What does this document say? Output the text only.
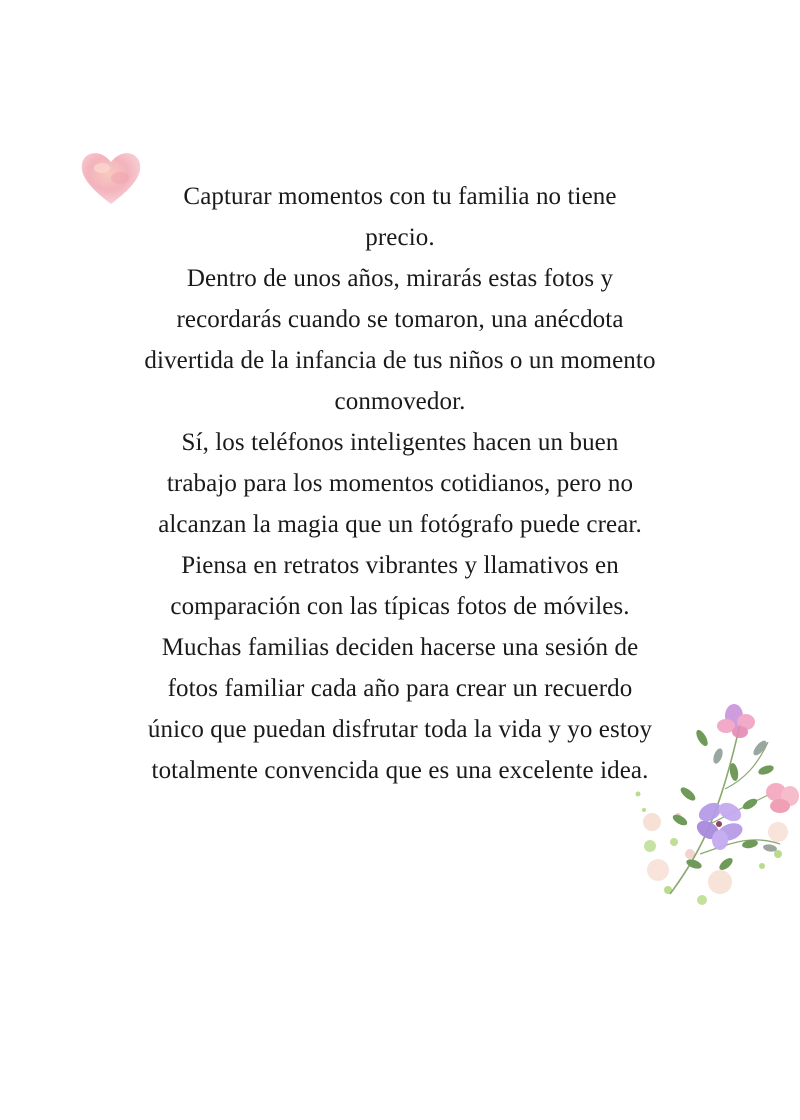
Capturar momentos con tu familia no tiene
precio.
Dentro de unos años, mirarás estas fotos y
recordarás cuando se tomaron, una anécdota
divertida de la infancia de tus niños o un momento
conmovedor.
Sí, los teléfonos inteligentes hacen un buen
trabajo para los momentos cotidianos, pero no
alcanzan la magia que un fotógrafo puede crear.
Piensa en retratos vibrantes y llamativos en
comparación con las típicas fotos de móviles.
Muchas familias deciden hacerse una sesión de
fotos familiar cada año para crear un recuerdo
único que puedan disfrutar toda la vida y yo estoy
totalmente convencida que es una excelente idea.
